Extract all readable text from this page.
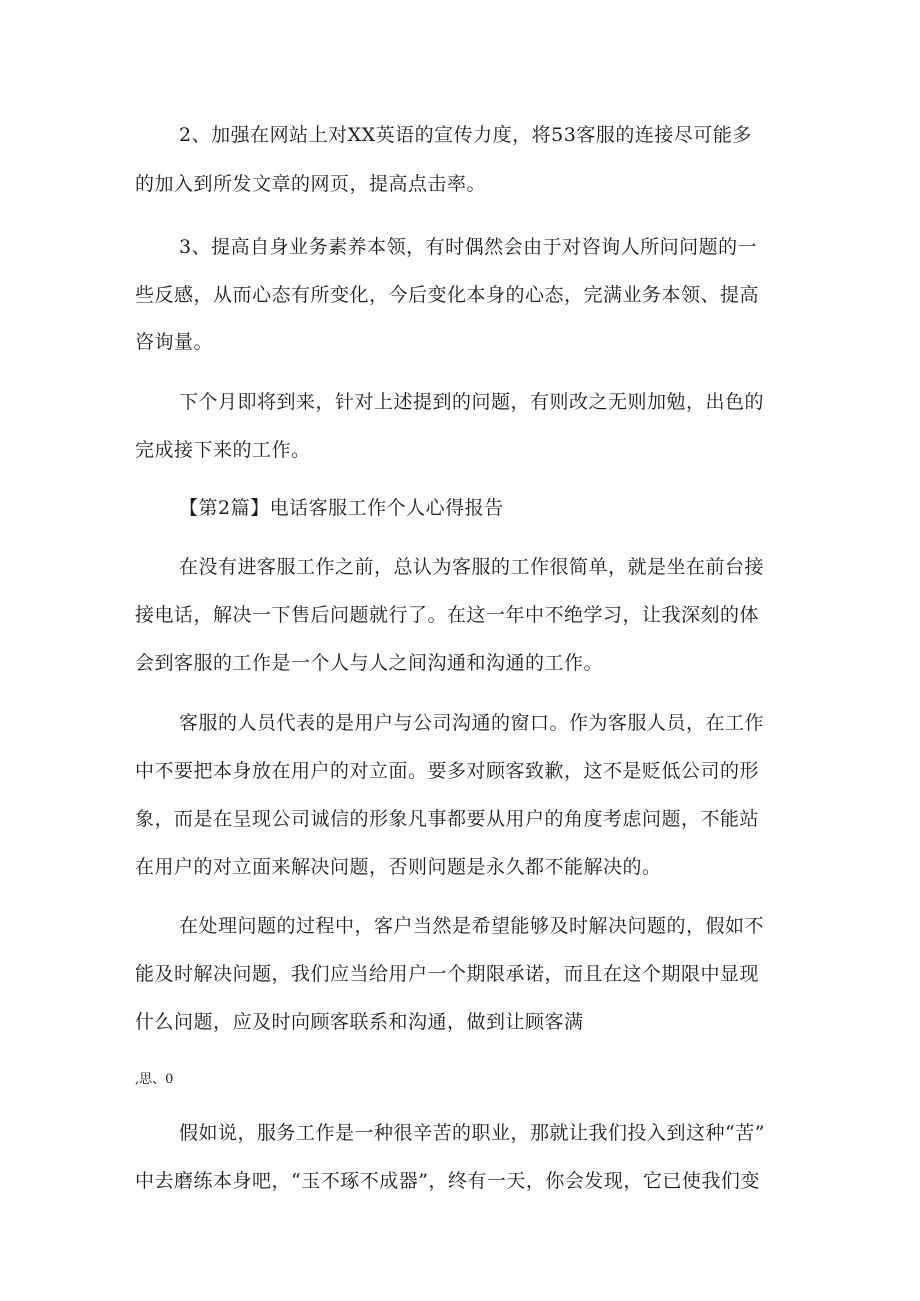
2、加强在网站上对XX英语的宣传力度，将53客服的连接尽可能多
的加入到所发文章的网页，提高点击率。
3、提高自身业务素养本领，有时偶然会由于对咨询人所问问题的一
些反感，从而心态有所变化，今后变化本身的心态，完满业务本领、提高
咨询量。
下个月即将到来，针对上述提到的问题，有则改之无则加勉，出色的
完成接下来的工作。
【第2篇】电话客服工作个人心得报告
在没有进客服工作之前，总认为客服的工作很简单，就是坐在前台接
接电话，解决一下售后问题就行了。在这一年中不绝学习，让我深刻的体
会到客服的工作是一个人与人之间沟通和沟通的工作。
客服的人员代表的是用户与公司沟通的窗口。作为客服人员，在工作
中不要把本身放在用户的对立面。要多对顾客致歉，这不是贬低公司的形
象，而是在呈现公司诚信的形象凡事都要从用户的角度考虑问题，不能站
在用户的对立面来解决问题，否则问题是永久都不能解决的。
在处理问题的过程中，客户当然是希望能够及时解决问题的，假如不
能及时解决问题，我们应当给用户一个期限承诺，而且在这个期限中显现
什么问题，应及时向顾客联系和沟通，做到让顾客满
,思、0
假如说，服务工作是一种很辛苦的职业，那就让我们投入到这种“苦”
中去磨练本身吧，“玉不琢不成器”，终有一天，你会发现，它已使我们变
